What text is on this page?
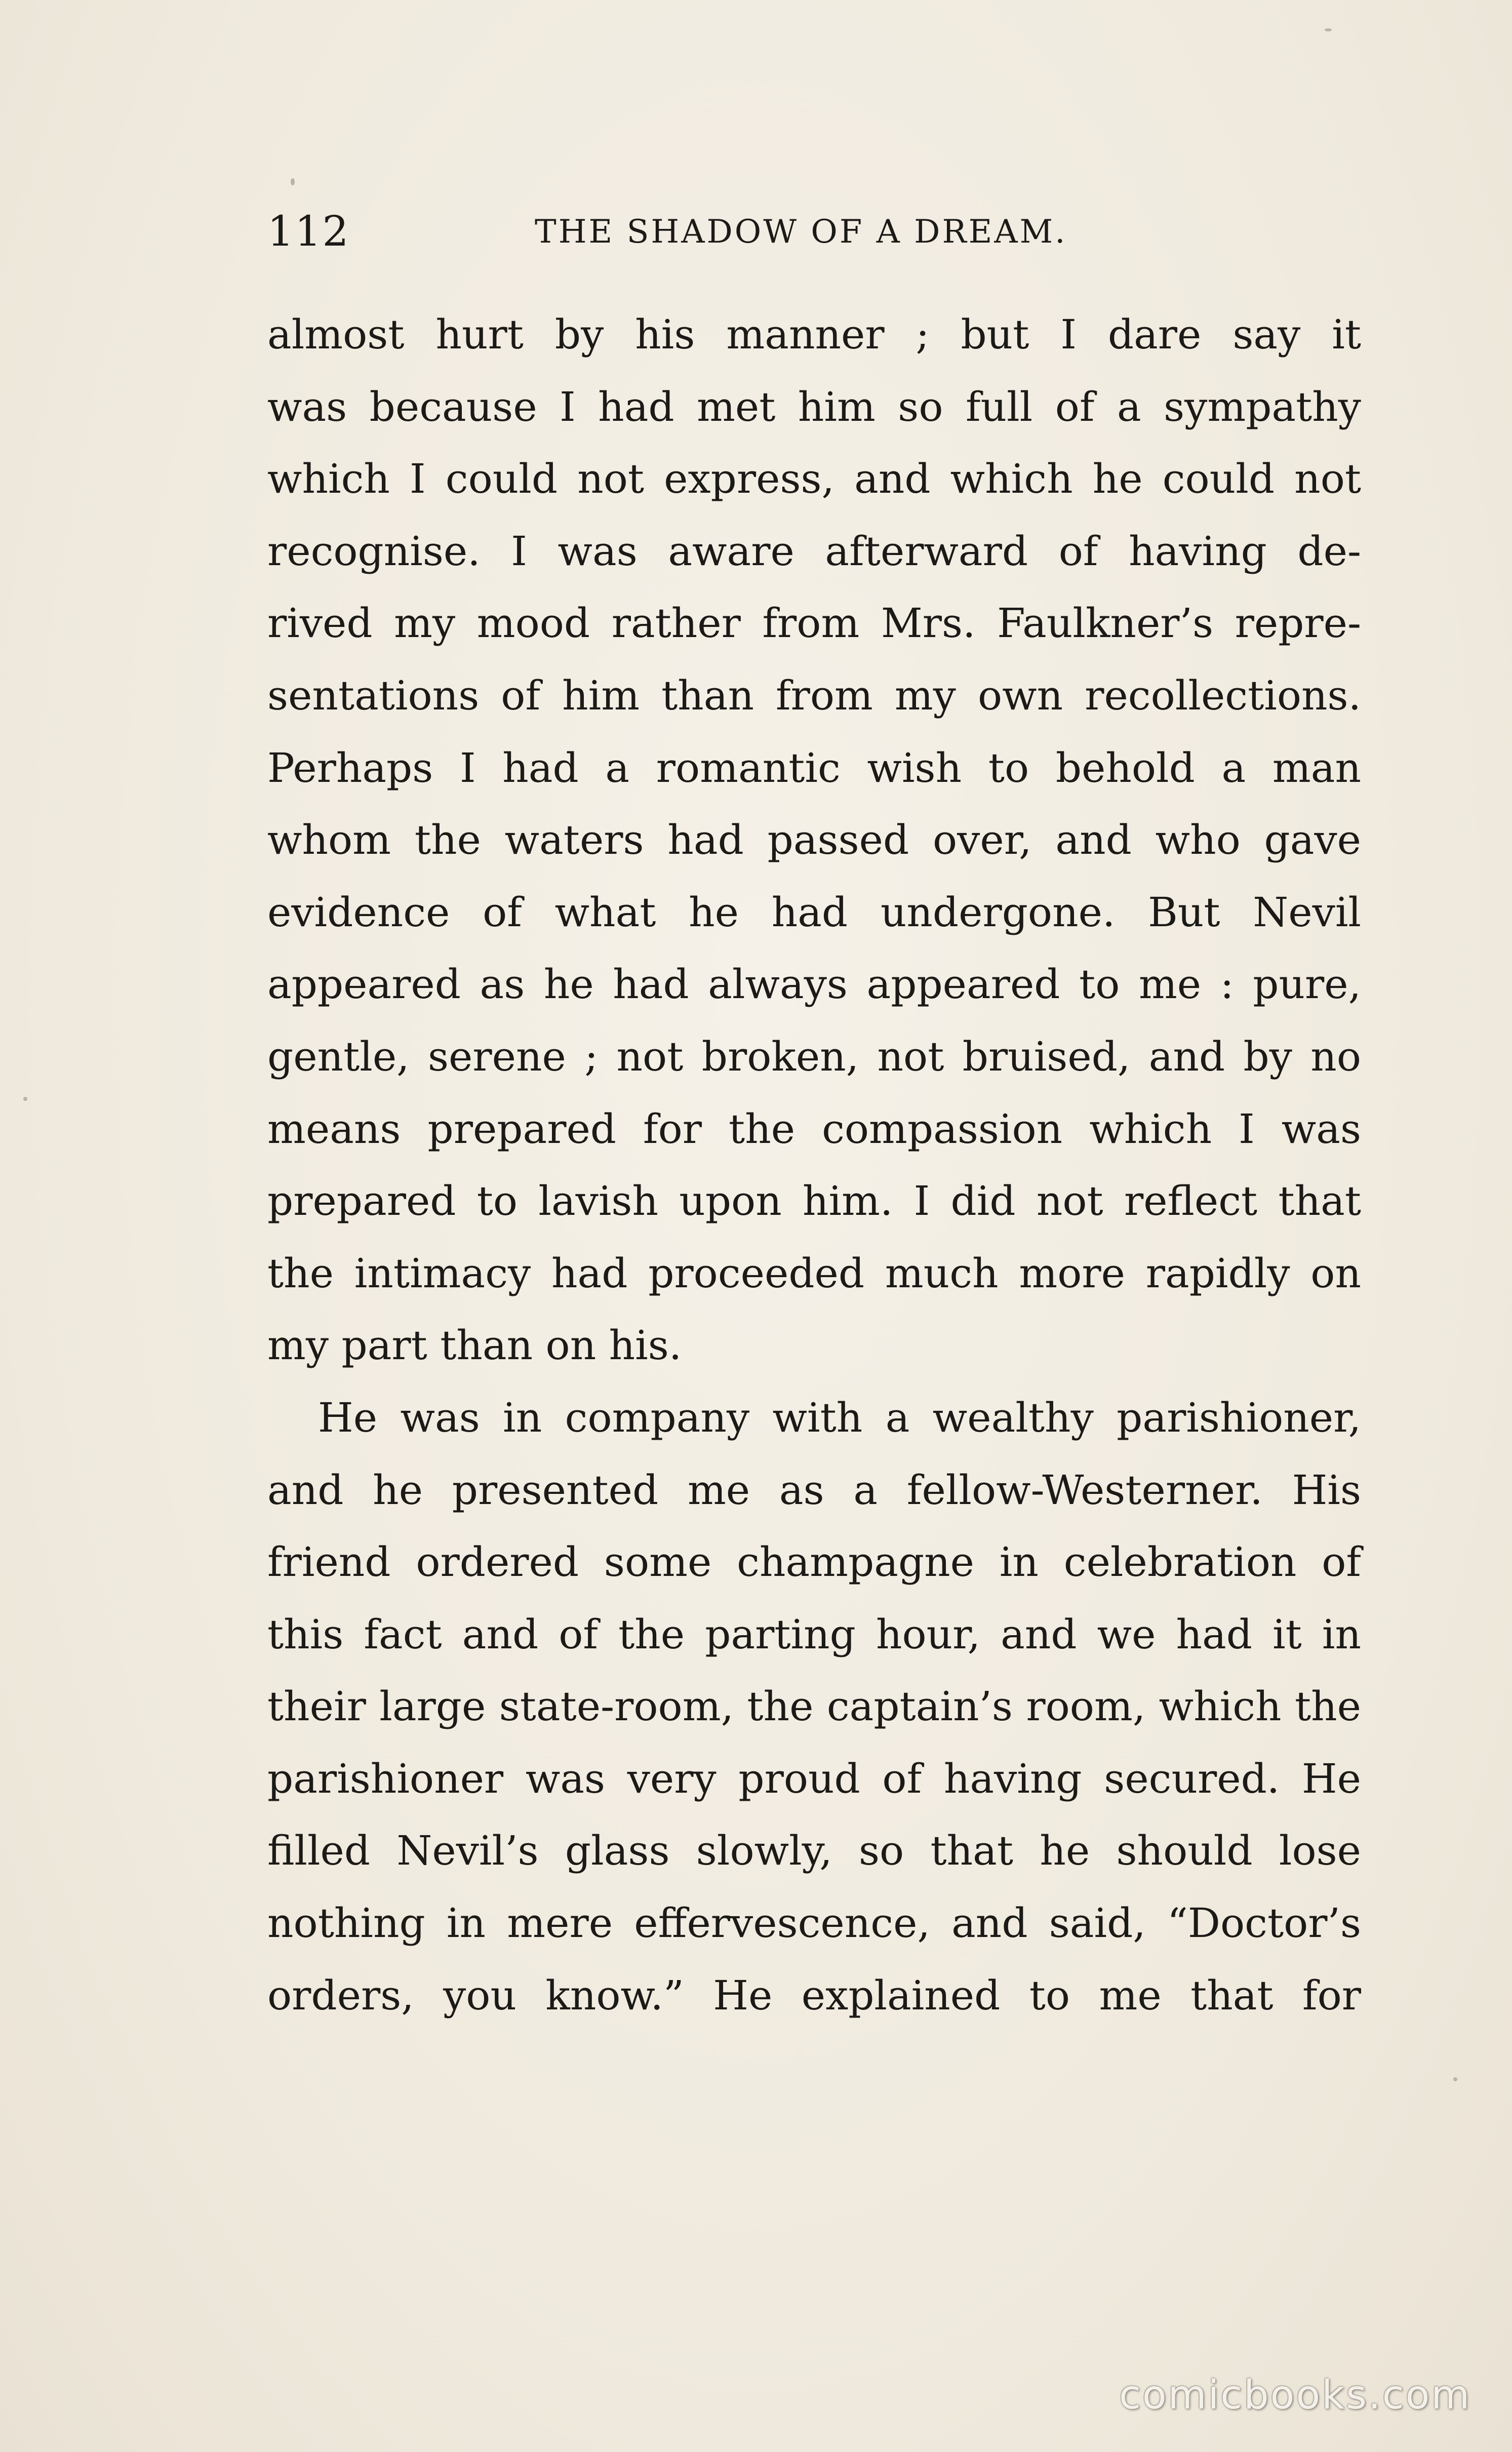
112	THE SHADOW OF A DREAM.
almost hurt by his manner ; but I dare say it
was because I had met him so full of a sympathy
which I could not express, and which he could not
recognise. I was aware afterward of having de-
rived my mood rather from Mrs. Faulkner’s repre-
sentations of him than from my own recollections.
Perhaps I had a romantic wish to behold a man
whom the waters had passed over, and who gave
evidence of what he had undergone. But Nevil
appeared as he had always appeared to me : pure,
gentle, serene ; not broken, not bruised, and by no
means prepared for the compassion which I was
prepared to lavish upon him. I did not reflect that
the intimacy had proceeded much more rapidly on
my part than on his.
He was in company with a wealthy parishioner,
and he presented me as a fellow-Westerner. His
friend ordered some champagne in celebration of
this fact and of the parting hour, and we had it in
their large state-room, the captain’s room, which the
parishioner was very proud of having secured. He
filled Nevil’s glass slowly, so that he should lose
nothing in mere effervescence, and said, “Doctor’s
orders, you know.” He explained to me that for
comicbooks.com
